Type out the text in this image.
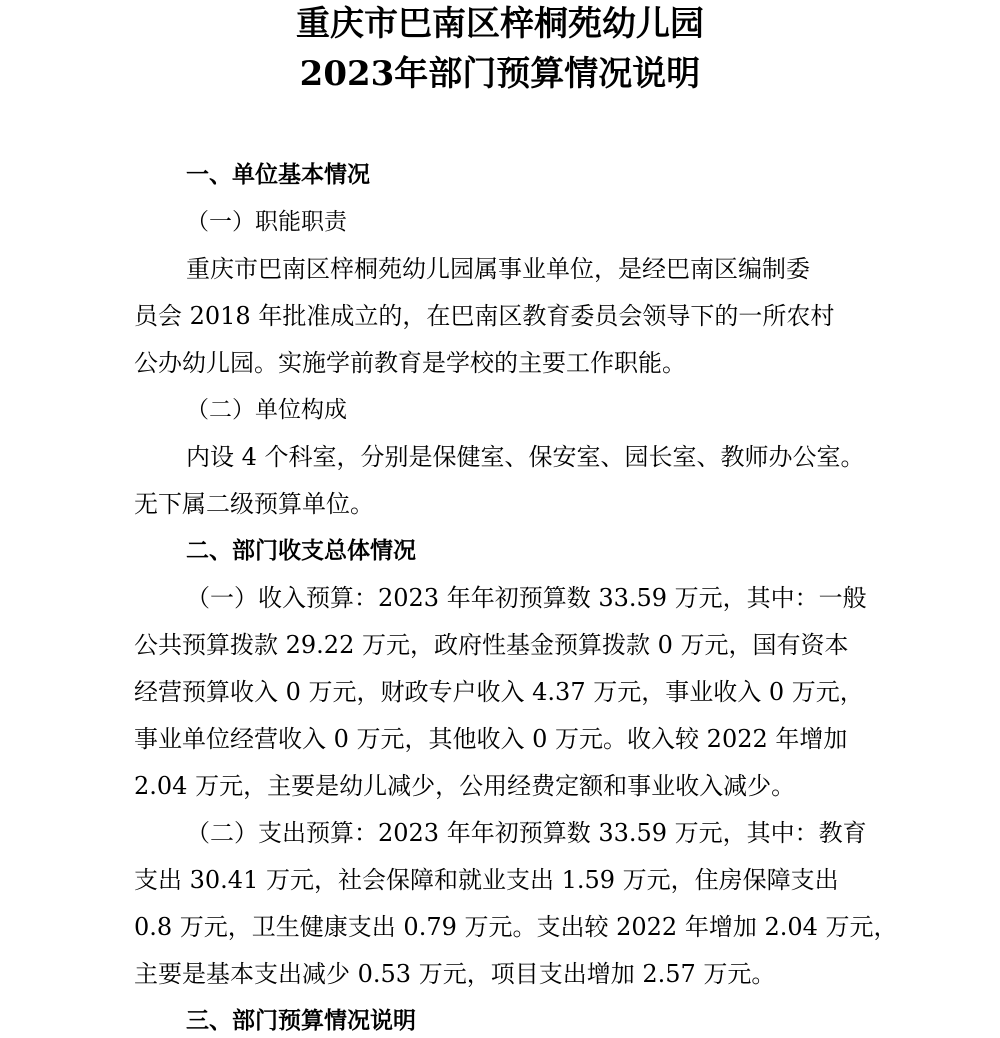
重庆市巴南区梓桐苑幼儿园
2023年部门预算情况说明
一、单位基本情况
（一）职能职责
重庆市巴南区梓桐苑幼儿园属事业单位，是经巴南区编制委
员会 2018 年批准成立的，在巴南区教育委员会领导下的一所农村
公办幼儿园。实施学前教育是学校的主要工作职能。
（二）单位构成
内设 4 个科室，分别是保健室、保安室、园长室、教师办公室。
无下属二级预算单位。
二、部门收支总体情况
（一）收入预算：2023 年年初预算数 33.59 万元，其中：一般
公共预算拨款 29.22 万元，政府性基金预算拨款 0 万元，国有资本
经营预算收入 0 万元，财政专户收入 4.37 万元，事业收入 0 万元，
事业单位经营收入 0 万元，其他收入 0 万元。收入较 2022 年增加
2.04 万元，主要是幼儿减少，公用经费定额和事业收入减少。
（二）支出预算：2023 年年初预算数 33.59 万元，其中：教育
支出 30.41 万元，社会保障和就业支出 1.59 万元，住房保障支出
0.8 万元，卫生健康支出 0.79 万元。支出较 2022 年增加 2.04 万元，
主要是基本支出减少 0.53 万元，项目支出增加 2.57 万元。
三、部门预算情况说明
